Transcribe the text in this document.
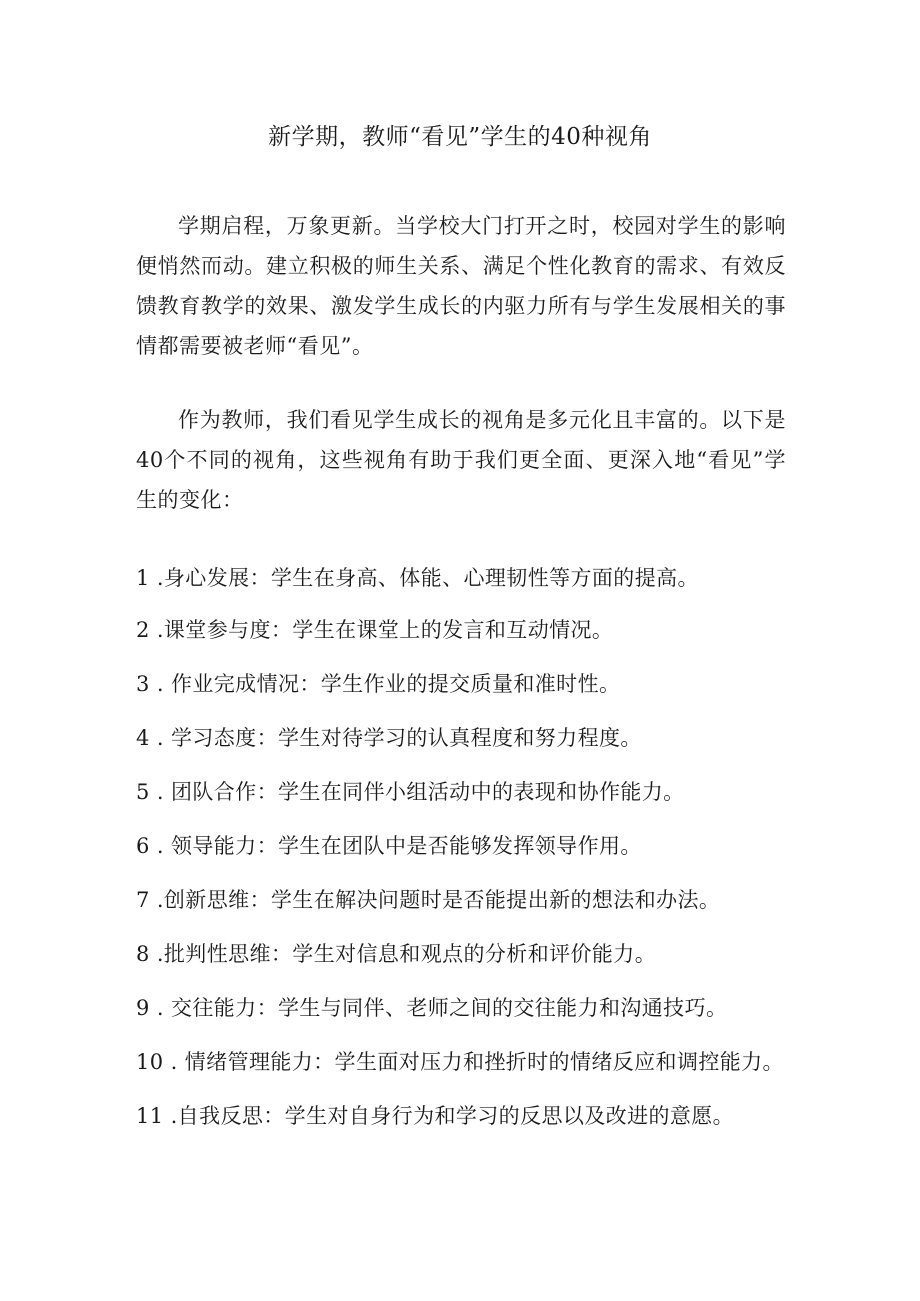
新学期，教师“看见”学生的40种视角

学期启程，万象更新。当学校大门打开之时，校园对学生的影响便悄然而动。建立积极的师生关系、满足个性化教育的需求、有效反馈教育教学的效果、激发学生成长的内驱力所有与学生发展相关的事情都需要被老师“看见”。

作为教师，我们看见学生成长的视角是多元化且丰富的。以下是40个不同的视角，这些视角有助于我们更全面、更深入地“看见”学生的变化：

1 .身心发展：学生在身高、体能、心理韧性等方面的提高。

2 .课堂参与度：学生在课堂上的发言和互动情况。

3 . 作业完成情况：学生作业的提交质量和准时性。

4 . 学习态度：学生对待学习的认真程度和努力程度。

5 . 团队合作：学生在同伴小组活动中的表现和协作能力。

6 . 领导能力：学生在团队中是否能够发挥领导作用。

7 .创新思维：学生在解决问题时是否能提出新的想法和办法。

8 .批判性思维：学生对信息和观点的分析和评价能力。

9 . 交往能力：学生与同伴、老师之间的交往能力和沟通技巧。

10 . 情绪管理能力：学生面对压力和挫折时的情绪反应和调控能力。

11 .自我反思：学生对自身行为和学习的反思以及改进的意愿。
